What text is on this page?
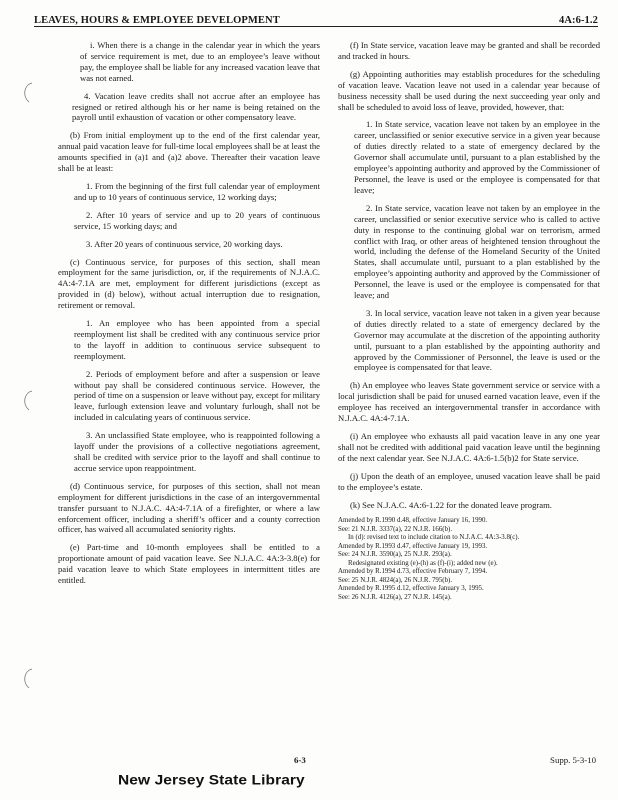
LEAVES, HOURS & EMPLOYEE DEVELOPMENT	4A:6-1.2

i. When there is a change in the calendar year in which the years of service requirement is met, due to an employee’s leave without pay, the employee shall be liable for any increased vacation leave that was not earned.

4. Vacation leave credits shall not accrue after an employee has resigned or retired although his or her name is being retained on the payroll until exhaustion of vacation or other compensatory leave.

(b) From initial employment up to the end of the first calendar year, annual paid vacation leave for full-time local employees shall be at least the amounts specified in (a)1 and (a)2 above. Thereafter their vacation leave shall be at least:

1. From the beginning of the first full calendar year of employment and up to 10 years of continuous service, 12 working days;

2. After 10 years of service and up to 20 years of continuous service, 15 working days; and

3. After 20 years of continuous service, 20 working days.

(c) Continuous service, for purposes of this section, shall mean employment for the same jurisdiction, or, if the requirements of N.J.A.C. 4A:4-7.1A are met, employment for different jurisdictions (except as provided in (d) below), without actual interruption due to resignation, retirement or removal.

1. An employee who has been appointed from a special reemployment list shall be credited with any continuous service prior to the layoff in addition to continuous service subsequent to reemployment.

2. Periods of employment before and after a suspension or leave without pay shall be considered continuous service. However, the period of time on a suspension or leave without pay, except for military leave, furlough extension leave and voluntary furlough, shall not be included in calculating years of continuous service.

3. An unclassified State employee, who is reappointed following a layoff under the provisions of a collective negotiations agreement, shall be credited with service prior to the layoff and shall continue to accrue service upon reappointment.

(d) Continuous service, for purposes of this section, shall not mean employment for different jurisdictions in the case of an intergovernmental transfer pursuant to N.J.A.C. 4A:4-7.1A of a firefighter, or where a law enforcement officer, including a sheriff’s officer and a county correction officer, has waived all accumulated seniority rights.

(e) Part-time and 10-month employees shall be entitled to a proportionate amount of paid vacation leave. See N.J.A.C. 4A:3-3.8(e) for paid vacation leave to which State employees in intermittent titles are entitled.

(f) In State service, vacation leave may be granted and shall be recorded and tracked in hours.

(g) Appointing authorities may establish procedures for the scheduling of vacation leave. Vacation leave not used in a calendar year because of business necessity shall be used during the next succeeding year only and shall be scheduled to avoid loss of leave, provided, however, that:

1. In State service, vacation leave not taken by an employee in the career, unclassified or senior executive service in a given year because of duties directly related to a state of emergency declared by the Governor shall accumulate until, pursuant to a plan established by the employee’s appointing authority and approved by the Commissioner of Personnel, the leave is used or the employee is compensated for that leave;

2. In State service, vacation leave not taken by an employee in the career, unclassified or senior executive service who is called to active duty in response to the continuing global war on terrorism, armed conflict with Iraq, or other areas of heightened tension throughout the world, including the defense of the Homeland Security of the United States, shall accumulate until, pursuant to a plan established by the employee’s appointing authority and approved by the Commissioner of Personnel, the leave is used or the employee is compensated for that leave; and

3. In local service, vacation leave not taken in a given year because of duties directly related to a state of emergency declared by the Governor may accumulate at the discretion of the appointing authority until, pursuant to a plan established by the appointing authority and approved by the Commissioner of Personnel, the leave is used or the employee is compensated for that leave.

(h) An employee who leaves State government service or service with a local jurisdiction shall be paid for unused earned vacation leave, even if the employee has received an intergovernmental transfer in accordance with N.J.A.C. 4A:4-7.1A.

(i) An employee who exhausts all paid vacation leave in any one year shall not be credited with additional paid vacation leave until the beginning of the next calendar year. See N.J.A.C. 4A:6-1.5(b)2 for State service.

(j) Upon the death of an employee, unused vacation leave shall be paid to the employee’s estate.

(k) See N.J.A.C. 4A:6-1.22 for the donated leave program.

Amended by R.1990 d.48, effective January 16, 1990.
See: 21 N.J.R. 3337(a), 22 N.J.R. 166(b).
In (d): revised text to include citation to N.J.A.C. 4A:3-3.8(c).
Amended by R.1993 d.47, effective January 19, 1993.
See: 24 N.J.R. 3590(a), 25 N.J.R. 293(a).
Redesignated existing (e)-(h) as (f)-(i); added new (e).
Amended by R.1994 d.73, effective February 7, 1994.
See: 25 N.J.R. 4824(a), 26 N.J.R. 795(b).
Amended by R.1995 d.12, effective January 3, 1995.
See: 26 N.J.R. 4126(a), 27 N.J.R. 145(a).
6-3	Supp. 5-3-10
New Jersey State Library
